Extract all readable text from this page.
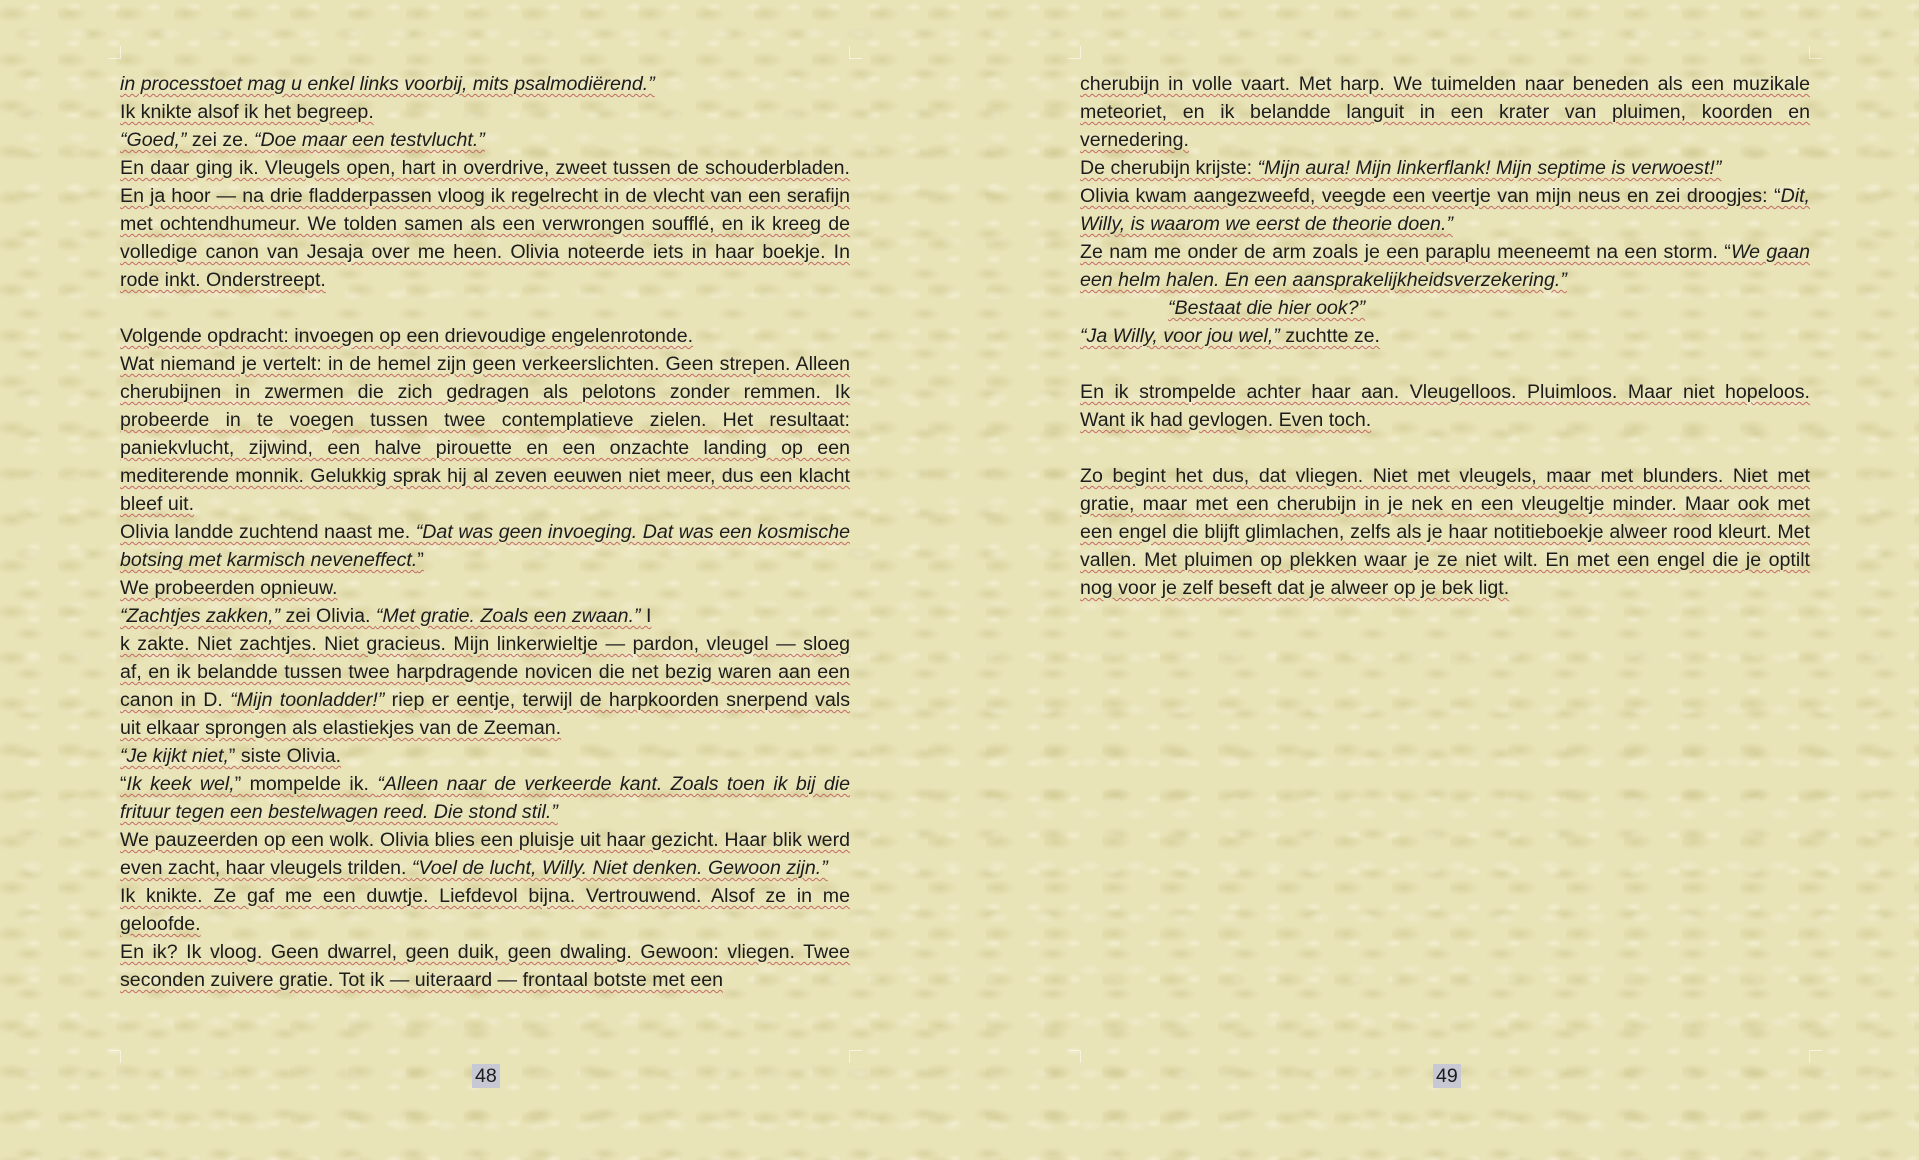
in processtoet mag u enkel links voorbij, mits psalmodiërend.”

Ik knikte alsof ik het begreep.

“Goed,” zei ze. “Doe maar een testvlucht.”

En daar ging ik. Vleugels open, hart in overdrive, zweet tussen de schouderbladen. En ja hoor — na drie fladderpassen vloog ik regelrecht in de vlecht van een serafijn met ochtendhumeur. We tolden samen als een verwrongen soufflé, en ik kreeg de volledige canon van Jesaja over me heen. Olivia noteerde iets in haar boekje. In rode inkt. Onderstreept.

Volgende opdracht: invoegen op een drievoudige engelenrotonde.

Wat niemand je vertelt: in de hemel zijn geen verkeerslichten. Geen strepen. Alleen cherubijnen in zwermen die zich gedragen als pelotons zonder remmen. Ik probeerde in te voegen tussen twee contemplatieve zielen. Het resultaat: paniekvlucht, zijwind, een halve pirouette en een onzachte landing op een mediterende monnik. Gelukkig sprak hij al zeven eeuwen niet meer, dus een klacht bleef uit.

Olivia landde zuchtend naast me. “Dat was geen invoeging. Dat was een kosmische botsing met karmisch neveneffect.”

We probeerden opnieuw.

“Zachtjes zakken,” zei Olivia. “Met gratie. Zoals een zwaan.” I

k zakte. Niet zachtjes. Niet gracieus. Mijn linkerwieltje — pardon, vleugel — sloeg af, en ik belandde tussen twee harpdragende novicen die net bezig waren aan een canon in D. “Mijn toonladder!” riep er eentje, terwijl de harpkoorden snerpend vals uit elkaar sprongen als elastiekjes van de Zeeman.

“Je kijkt niet,” siste Olivia.

“Ik keek wel,” mompelde ik. “Alleen naar de verkeerde kant. Zoals toen ik bij die frituur tegen een bestelwagen reed. Die stond stil.”

We pauzeerden op een wolk. Olivia blies een pluisje uit haar gezicht. Haar blik werd even zacht, haar vleugels trilden. “Voel de lucht, Willy. Niet denken. Gewoon zijn.”

Ik knikte. Ze gaf me een duwtje. Liefdevol bijna. Vertrouwend. Alsof ze in me geloofde.

En ik? Ik vloog. Geen dwarrel, geen duik, geen dwaling. Gewoon: vliegen. Twee seconden zuivere gratie. Tot ik — uiteraard — frontaal botste met een

48

cherubijn in volle vaart. Met harp. We tuimelden naar beneden als een muzikale meteoriet, en ik belandde languit in een krater van pluimen, koorden en vernedering.

De cherubijn krijste: “Mijn aura! Mijn linkerflank! Mijn septime is verwoest!”

Olivia kwam aangezweefd, veegde een veertje van mijn neus en zei droogjes: “Dit, Willy, is waarom we eerst de theorie doen.”

Ze nam me onder de arm zoals je een paraplu meeneemt na een storm. “We gaan een helm halen. En een aansprakelijkheidsverzekering.”

“Bestaat die hier ook?”

“Ja Willy, voor jou wel,” zuchtte ze.

En ik strompelde achter haar aan. Vleugelloos. Pluimloos. Maar niet hopeloos. Want ik had gevlogen. Even toch.

Zo begint het dus, dat vliegen. Niet met vleugels, maar met blunders. Niet met gratie, maar met een cherubijn in je nek en een vleugeltje minder. Maar ook met een engel die blijft glimlachen, zelfs als je haar notitieboekje alweer rood kleurt. Met vallen. Met pluimen op plekken waar je ze niet wilt. En met een engel die je optilt nog voor je zelf beseft dat je alweer op je bek ligt.

49
